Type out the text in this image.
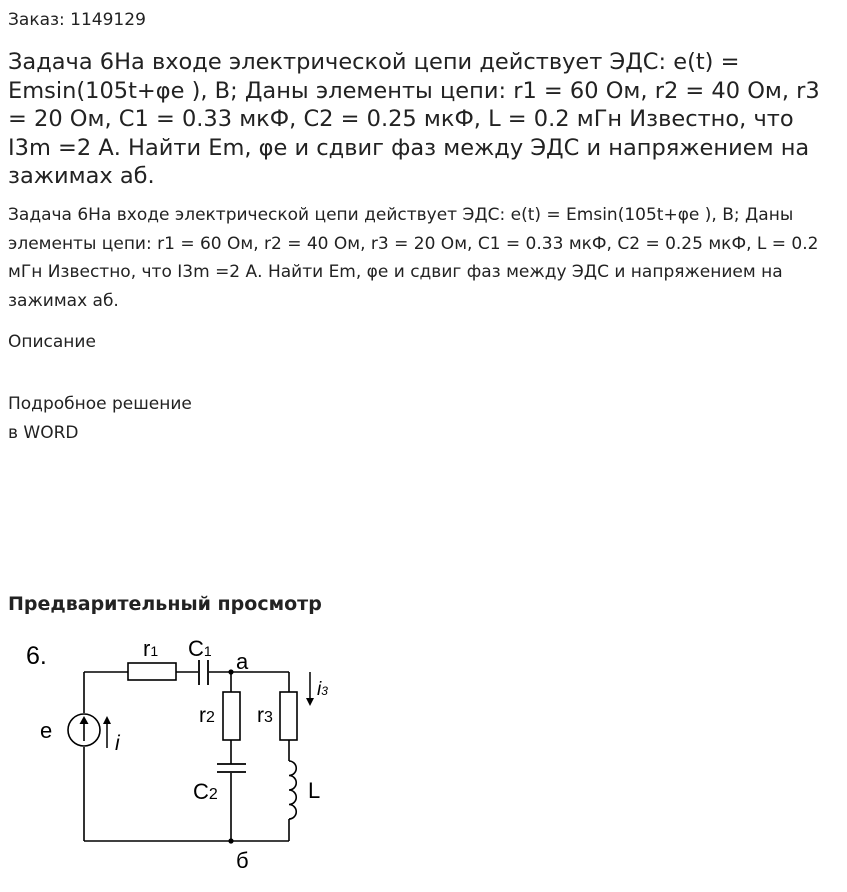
Заказ: 1149129
Задача 6На входе электрической цепи действует ЭДС: e(t) = Emsin(105t+φe ), В; Даны элементы цепи: r1 = 60 Ом, r2 = 40 Ом, r3 = 20 Ом, C1 = 0.33 мкФ, C2 = 0.25 мкФ, L = 0.2 мГн Известно, что I3m =2 А. Найти Em, φe и сдвиг фаз между ЭДС и напряжением на зажимах аб.

Задача 6На входе электрической цепи действует ЭДС: e(t) = Emsin(105t+φe ), В; Даны элементы цепи: r1 = 60 Ом, r2 = 40 Ом, r3 = 20 Ом, C1 = 0.33 мкФ, C2 = 0.25 мкФ, L = 0.2 мГн Известно, что I3m =2 А. Найти Em, φe и сдвиг фаз между ЭДС и напряжением на зажимах аб.

Описание
Подробное решение
в WORD
Предварительный просмотр
6.	r1 C1 a
r2 r3
C2
e
i
i3
L
б
